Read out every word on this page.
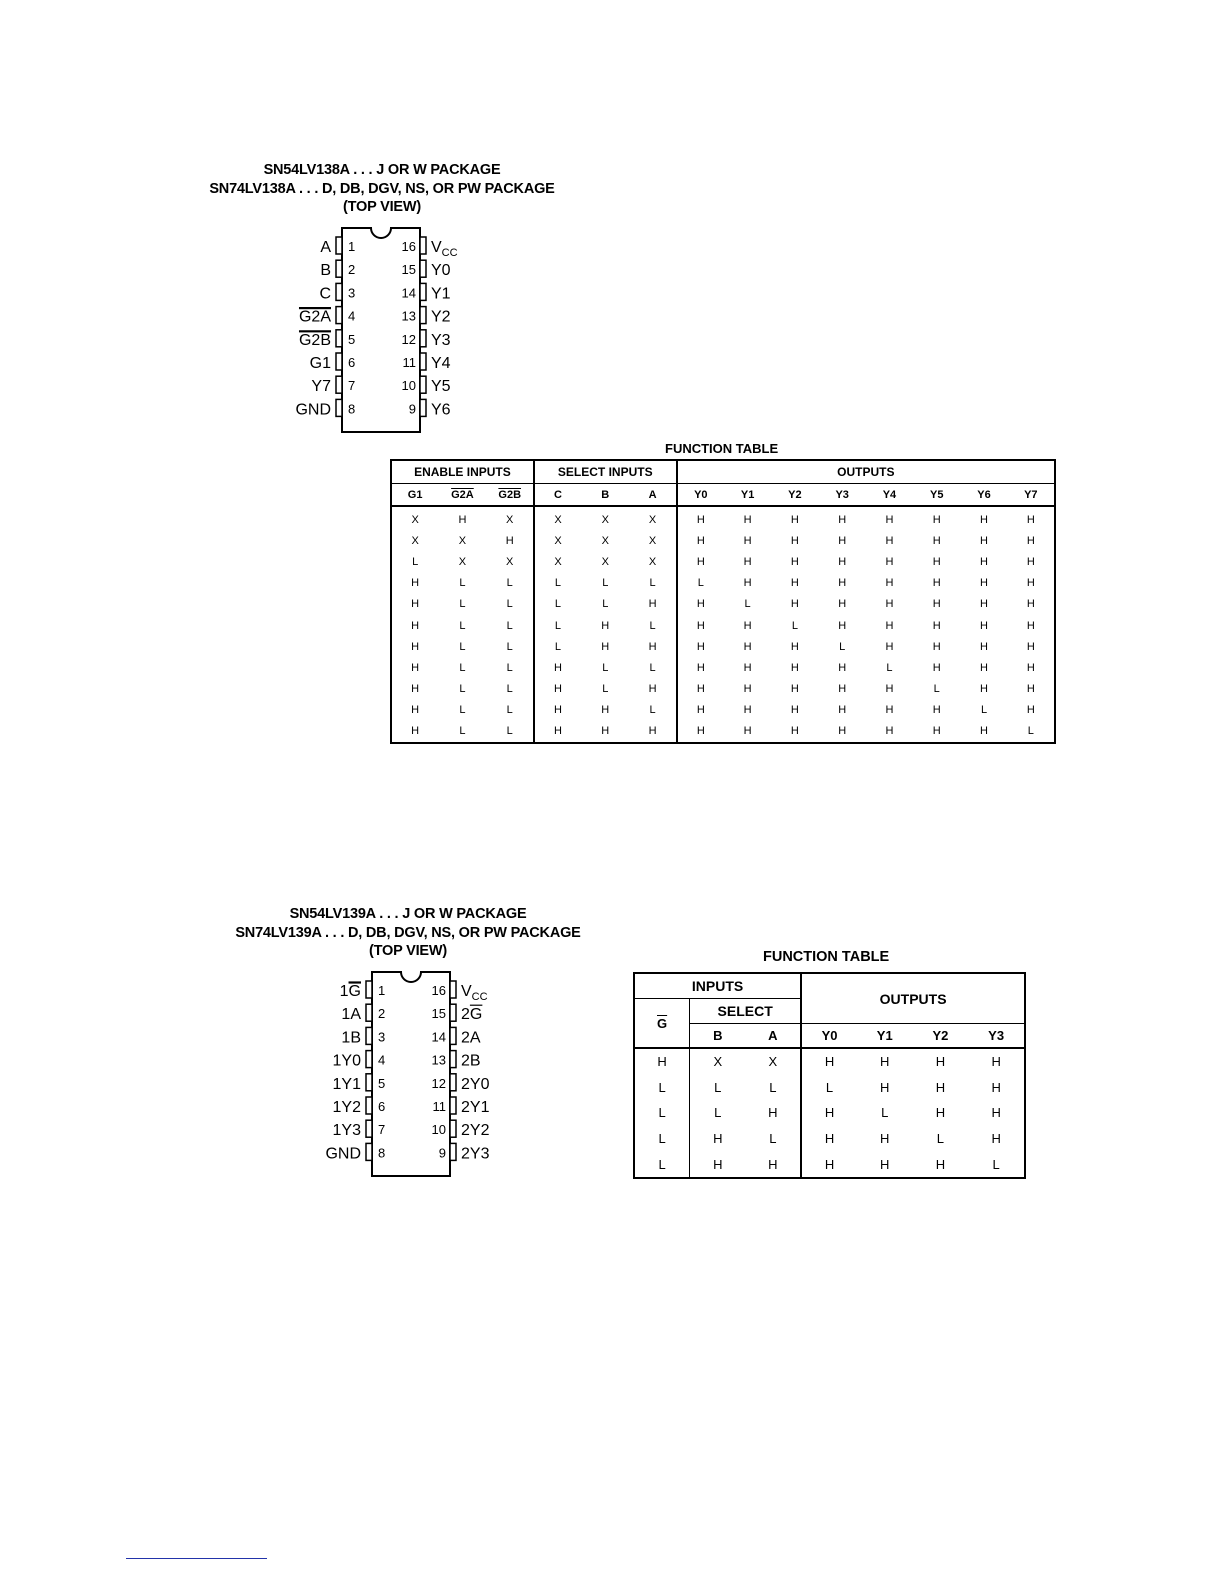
SN54LV138A . . . J OR W PACKAGE
SN74LV138A . . . D, DB, DGV, NS, OR PW PACKAGE
(TOP VIEW)
1
A
2
B
3
C
4
G2A
5
G2B
6
G1
7
Y7
8
GND
16 $V_{CC}$
15 Y0
14 Y1
13 Y2
12 Y3
11 Y4
10 Y5
9 Y6
FUNCTION TABLE
ENABLE INPUTS			SELECT INPUTS			OUTPUTS							
G1	G2A	G2B	C	B	A	Y0	Y1	Y2	Y3	Y4	Y5	Y6	Y7
X	H	X	X	X	X	H	H	H	H	H	H	H	H
X	X	H	X	X	X	H	H	H	H	H	H	H	H
L	X	X	X	X	X	H	H	H	H	H	H	H	H
H	L	L	L	L	L	L	H	H	H	H	H	H	H
H	L	L	L	L	H	H	L	H	H	H	H	H	H
H	L	L	L	H	L	H	H	L	H	H	H	H	H
H	L	L	L	H	H	H	H	H	L	H	H	H	H
H	L	L	H	L	L	H	H	H	H	L	H	H	H
H	L	L	H	L	H	H	H	H	H	H	L	H	H
H	L	L	H	H	L	H	H	H	H	H	H	L	H
H	L	L	H	H	H	H	H	H	H	H	H	H	L
SN54LV139A . . . J OR W PACKAGE
SN74LV139A . . . D, DB, DGV, NS, OR PW PACKAGE
(TOP VIEW)
1
1G
2
1A
3
1B
4
1Y0
5
1Y1
6
1Y2
7
1Y3
8
GND
16 $V_{CC}$
15 2G
14 2A
13 2B
12 2Y0
11 2Y1
10 2Y2
9 2Y3
FUNCTION TABLE
INPUTS			OUTPUTS			
$\overline{G}$	SELECT					
	B	A	Y0	Y1	Y2	Y3
H	X	X	H	H	H	H
L	L	L	L	H	H	H
L	L	H	H	L	H	H
L	H	L	H	H	L	H
L	H	H	H	H	H	L
